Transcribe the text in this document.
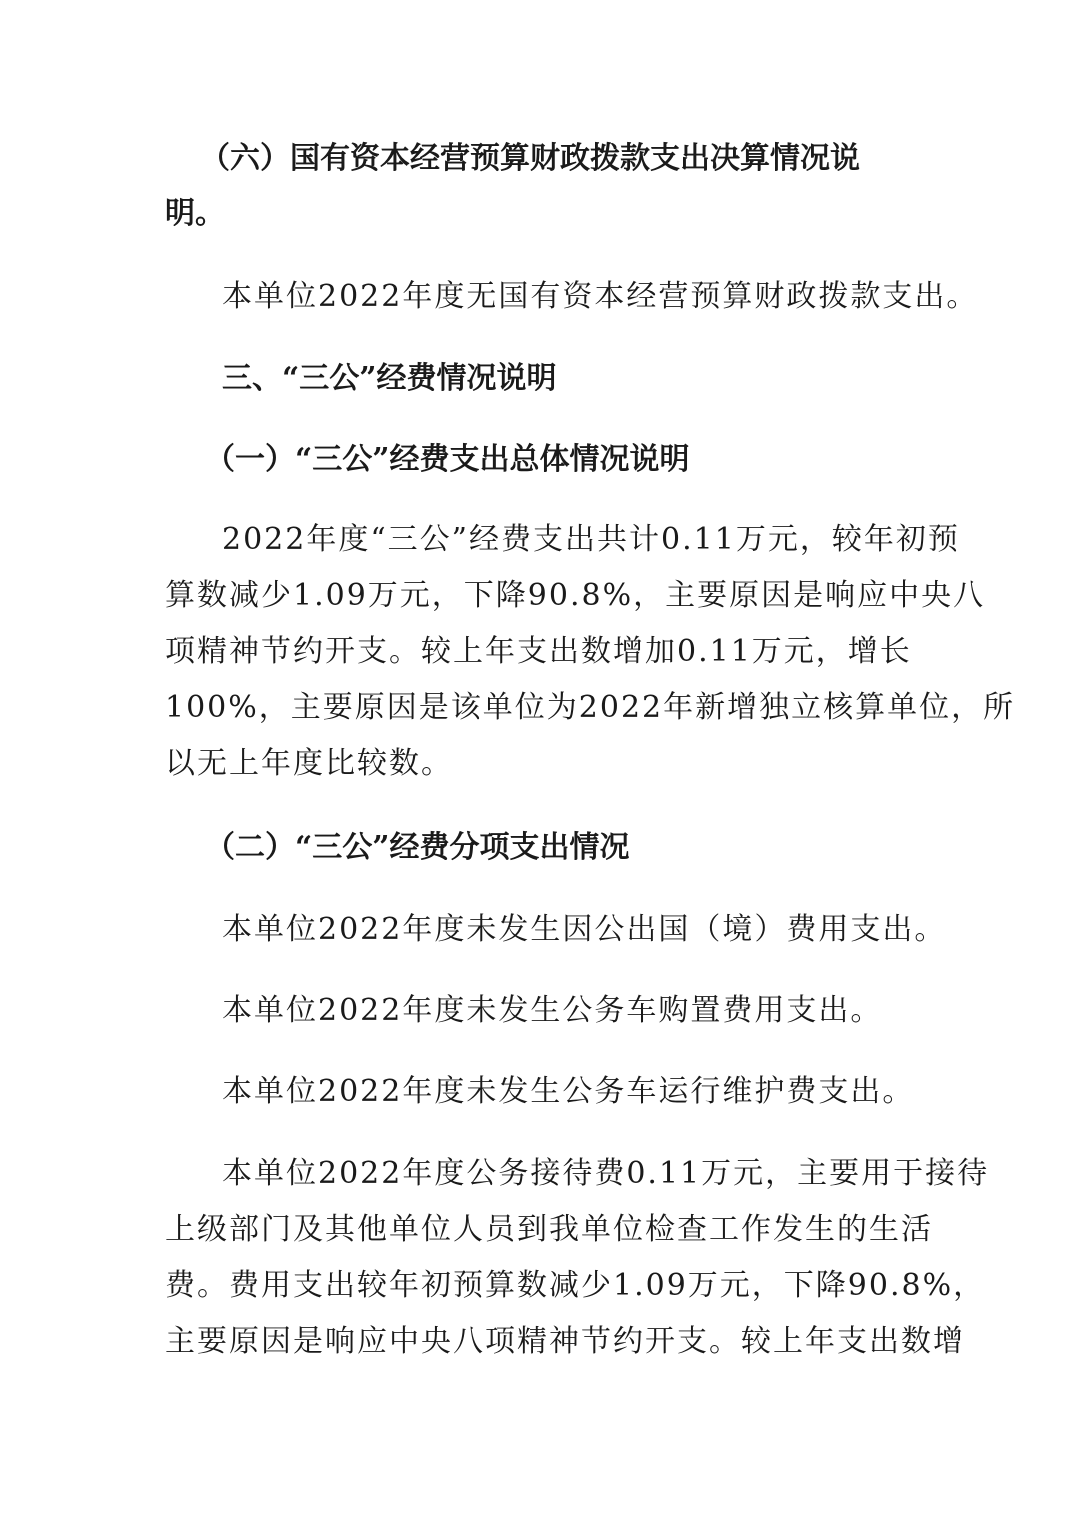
（六）国有资本经营预算财政拨款支出决算情况说
明。
本单位2022年度无国有资本经营预算财政拨款支出。
三、“三公”经费情况说明
（一）“三公”经费支出总体情况说明
2022年度“三公”经费支出共计0.11万元，较年初预
算数减少1.09万元，下降90.8%，主要原因是响应中央八
项精神节约开支。较上年支出数增加0.11万元，增长
100%，主要原因是该单位为2022年新增独立核算单位，所
以无上年度比较数。
（二）“三公”经费分项支出情况
本单位2022年度未发生因公出国（境）费用支出。
本单位2022年度未发生公务车购置费用支出。
本单位2022年度未发生公务车运行维护费支出。
本单位2022年度公务接待费0.11万元，主要用于接待
上级部门及其他单位人员到我单位检查工作发生的生活
费。费用支出较年初预算数减少1.09万元，下降90.8%，
主要原因是响应中央八项精神节约开支。较上年支出数增
